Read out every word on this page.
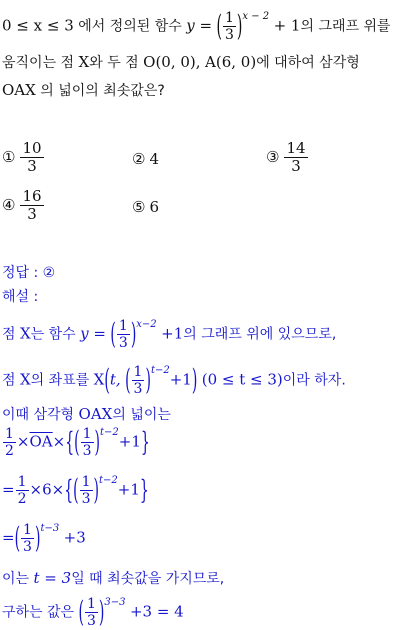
0 ≤ x ≤ 3 에서 정의된 함수 y = ( $\frac{1}{3} )^{x - 2} + 1$의 그래프 위를
움직이는 점 X와 두 점 O(0, 0), A(6, 0)에 대하여 삼각형
OAX 의 넓이의 최솟값은?
① $\frac{10}{3}$	② 4	③ $\frac{14}{3}$
④ $\frac{16}{3}$	⑤ 6
정답 : ②
해설 :
점 X는 함수 y = ( $\frac{1}{3} )^{x-2} +1$의 그래프 위에 있으므로,
점 X의 좌표를 X(t, ( $\frac{1}{3} )^{t-2}+1$) (0 ≤ t ≤ 3)이라 하자.
이때 삼각형 OAX의 넓이는
$\frac{1}{2} \times\overline{OA}\times\{( \frac{1}{3} )^{t-2}+1\}$
= $\frac{1}{2} \times 6\times\{( \frac{1}{3} )^{t-2}+1\}$
=( $\frac{1}{3} )^{t-3} +3$
이는 t = 3일 때 최솟값을 가지므로,
구하는 값은 ( $\frac{1}{3} )^{3-3} +3 = 4$
